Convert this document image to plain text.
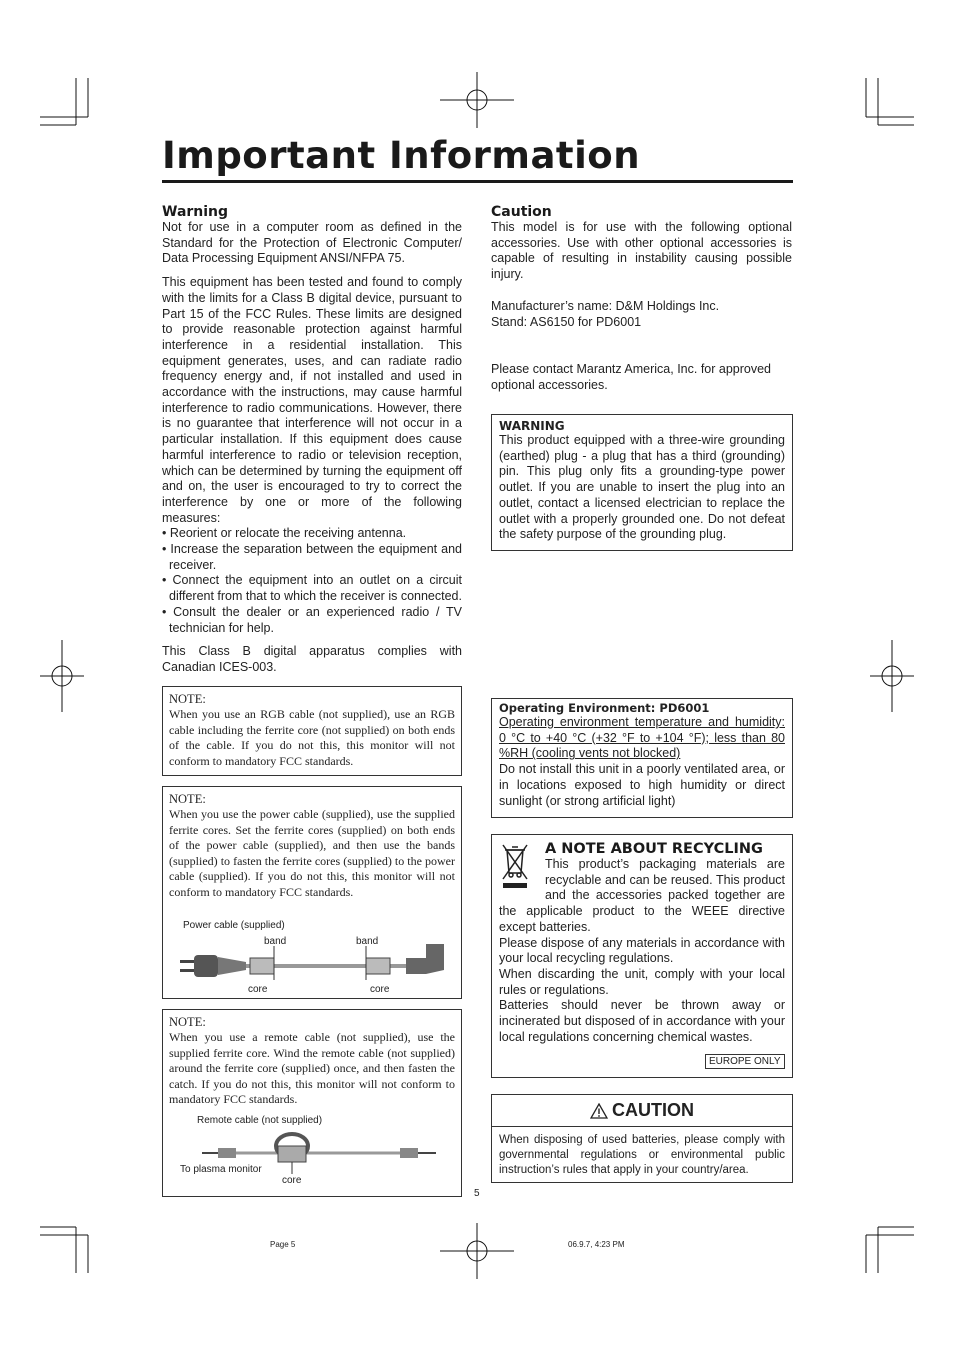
Important Information
Warning

Not for use in a computer room as defined in the Standard for the Protection of Electronic Computer/ Data Processing Equipment ANSI/NFPA 75.

This equipment has been tested and found to comply with the limits for a Class B digital device, pursuant to Part 15 of the FCC Rules. These limits are designed to provide reasonable protection against harmful interference in a residential installation. This equipment generates, uses, and can radiate radio frequency energy and, if not installed and used in accordance with the instructions, may cause harmful interference to radio communications. However, there is no guarantee that interference will not occur in a particular installation. If this equipment does cause harmful interference to radio or television reception, which can be determined by turning the equipment off and on, the user is encouraged to try to correct the interference by one or more of the following measures:

• Reorient or relocate the receiving antenna.
• Increase the separation between the equipment and receiver.
• Connect the equipment into an outlet on a circuit different from that to which the receiver is connected.
• Consult the dealer or an experienced radio / TV technician for help.

This Class B digital apparatus complies with Canadian ICES-003.

NOTE:
When you use an RGB cable (not supplied), use an RGB cable including the ferrite core (not supplied) on both ends of the cable. If you do not this, this monitor will not conform to mandatory FCC standards.
NOTE:
When you use the power cable (supplied), use the supplied ferrite cores. Set the ferrite cores (supplied) on both ends of the power cable (supplied), and then use the bands (supplied) to fasten the ferrite cores (supplied) to the power cable (supplied). If you do not this, this monitor will not conform to mandatory FCC standards.
Power cable (supplied)
band	band
core	core
NOTE:
When you use a remote cable (not supplied), use the supplied ferrite core. Wind the remote cable (not supplied) around the ferrite core (supplied) once, and then fasten the catch. If you do not this, this monitor will not conform to mandatory FCC standards.
Remote cable (not supplied)
To plasma monitor
core
Caution

This model is for use with the following optional accessories. Use with other optional accessories is capable of resulting in instability causing possible injury.

Manufacturer’s name: D&M Holdings Inc.

Stand: AS6150 for PD6001

Please contact Marantz America, Inc. for approved optional accessories.

WARNING

This product equipped with a three-wire grounding (earthed) plug - a plug that has a third (grounding) pin. This plug only fits a grounding-type power outlet. If you are unable to insert the plug into an outlet, contact a licensed electrician to replace the outlet with a properly grounded one. Do not defeat the safety purpose of the grounding plug.

Operating Environment: PD6001

Operating environment temperature and humidity: 0 °C to +40 °C (+32 °F to +104 °F); less than 80 %RH (cooling vents not blocked)

Do not install this unit in a poorly ventilated area, or in locations exposed to high humidity or direct sunlight (or strong artificial light)

A NOTE ABOUT RECYCLING

This product’s packaging materials are recyclable and can be reused. This product and the accessories packed together are the applicable product to the WEEE directive except batteries.

Please dispose of any materials in accordance with your local recycling regulations.

When discarding the unit, comply with your local rules or regulations.

Batteries should never be thrown away or incinerated but disposed of in accordance with your local regulations concerning chemical wastes.

EUROPE ONLY
CAUTION

When disposing of used batteries, please comply with governmental regulations or environmental public instruction’s rules that apply in your country/area.

5
Page 5	06.9.7, 4:23 PM
